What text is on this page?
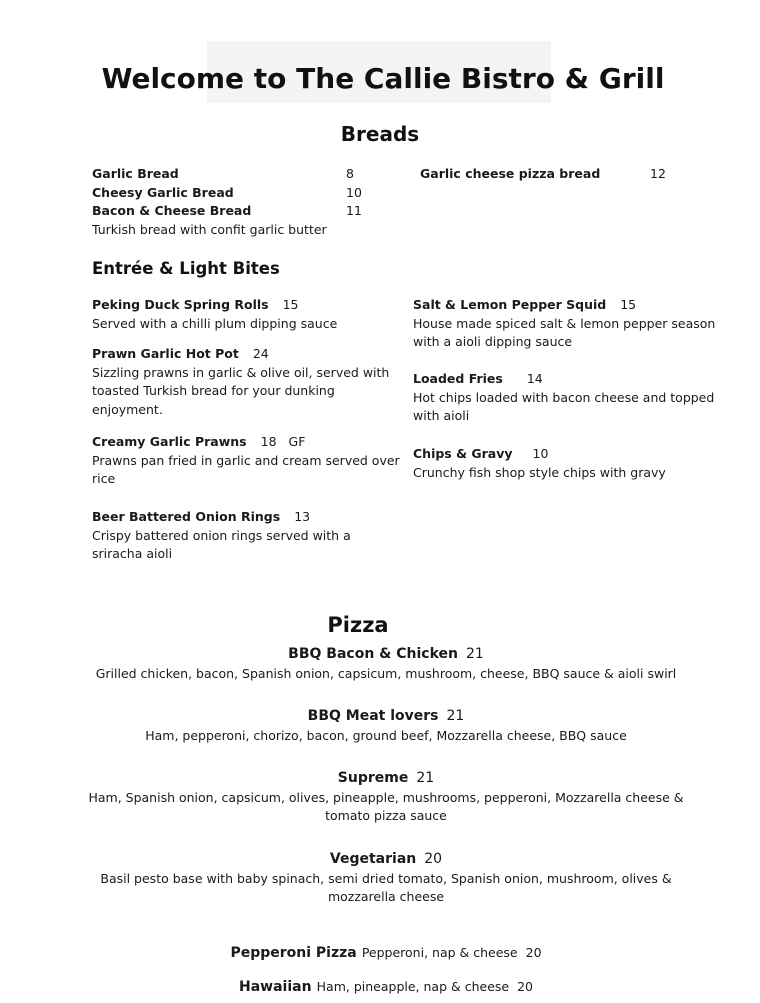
Welcome to The Callie Bistro & Grill
Breads
Garlic Bread	8
Cheesy Garlic Bread	10
Bacon & Cheese Bread	11
Turkish bread with confit garlic butter
Garlic cheese pizza bread	12
Entrée & Light Bites
Peking Duck Spring Rolls 15
Served with a chilli plum dipping sauce
Prawn Garlic Hot Pot 24
Sizzling prawns in garlic & olive oil, served with
toasted Turkish bread for your dunking
enjoyment.
Creamy Garlic Prawns 18 GF
Prawns pan fried in garlic and cream served over
rice
Beer Battered Onion Rings 13
Crispy battered onion rings served with a
sriracha aioli
Salt & Lemon Pepper Squid 15
House made spiced salt & lemon pepper season
with a aioli dipping sauce
Loaded Fries 14
Hot chips loaded with bacon cheese and topped
with aioli
Chips & Gravy 10
Crunchy fish shop style chips with gravy
Pizza
BBQ Bacon & Chicken 21
Grilled chicken, bacon, Spanish onion, capsicum, mushroom, cheese, BBQ sauce & aioli swirl
BBQ Meat lovers 21
Ham, pepperoni, chorizo, bacon, ground beef, Mozzarella cheese, BBQ sauce
Supreme 21
Ham, Spanish onion, capsicum, olives, pineapple, mushrooms, pepperoni, Mozzarella cheese & tomato pizza sauce
Vegetarian 20
Basil pesto base with baby spinach, semi dried tomato, Spanish onion, mushroom, olives & mozzarella cheese
Pepperoni Pizza Pepperoni, nap & cheese 20
Hawaiian Ham, pineapple, nap & cheese 20
